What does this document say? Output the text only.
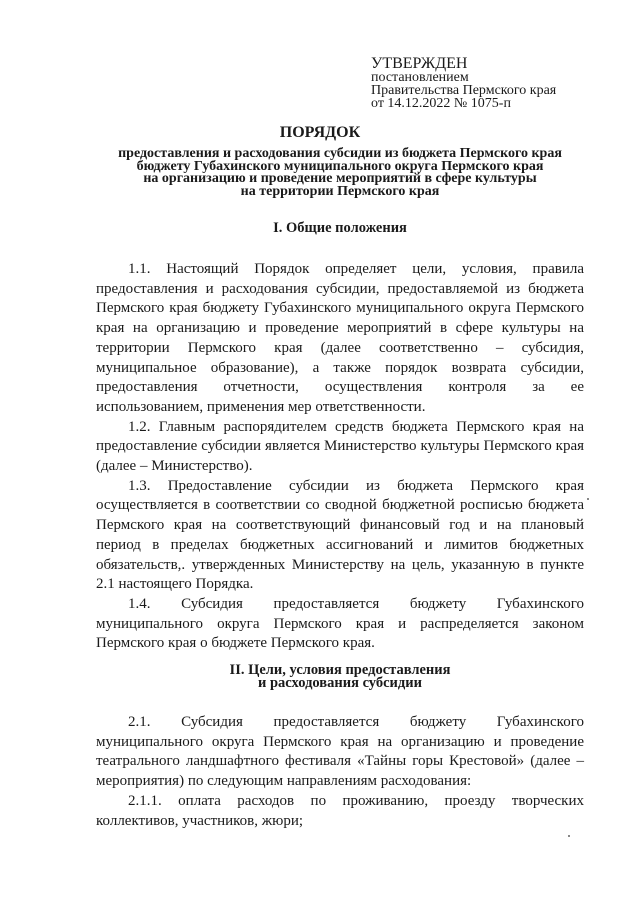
УТВЕРЖДЕН
постановлением
Правительства Пермского края
от 14.12.2022 № 1075-п
ПОРЯДОК
предоставления и расходования субсидии из бюджета Пермского края
бюджету Губахинского муниципального округа Пермского края
на организацию и проведение мероприятий в сфере культуры
на территории Пермского края
I. Общие положения

1.1. Настоящий Порядок определяет цели, условия, правила предоставления и расходования субсидии, предоставляемой из бюджета Пермского края бюджету Губахинского муниципального округа Пермского края на организацию и проведение мероприятий в сфере культуры на территории Пермского края (далее соответственно – субсидия, муниципальное образование), а также порядок возврата субсидии, предоставления отчетности, осуществления контроля за ее использованием, применения мер ответственности.

1.2. Главным распорядителем средств бюджета Пермского края на предоставление субсидии является Министерство культуры Пермского края (далее – Министерство).

1.3. Предоставление субсидии из бюджета Пермского края осуществляется в соответствии со сводной бюджетной росписью бюджета Пермского края на соответствующий финансовый год и на плановый период в пределах бюджетных ассигнований и лимитов бюджетных обязательств,. утвержденных Министерству на цель, указанную в пункте 2.1 настоящего Порядка.

1.4. Субсидия предоставляется бюджету Губахинского муниципального округа Пермского края и распределяется законом Пермского края о бюджете Пермского края.

II. Цели, условия предоставления
и расходования субсидии

2.1. Субсидия предоставляется бюджету Губахинского муниципального округа Пермского края на организацию и проведение театрального ландшафтного фестиваля «Тайны горы Крестовой» (далее – мероприятия) по следующим направлениям расходования:

2.1.1. оплата расходов по проживанию, проезду творческих коллективов, участников, жюри;
